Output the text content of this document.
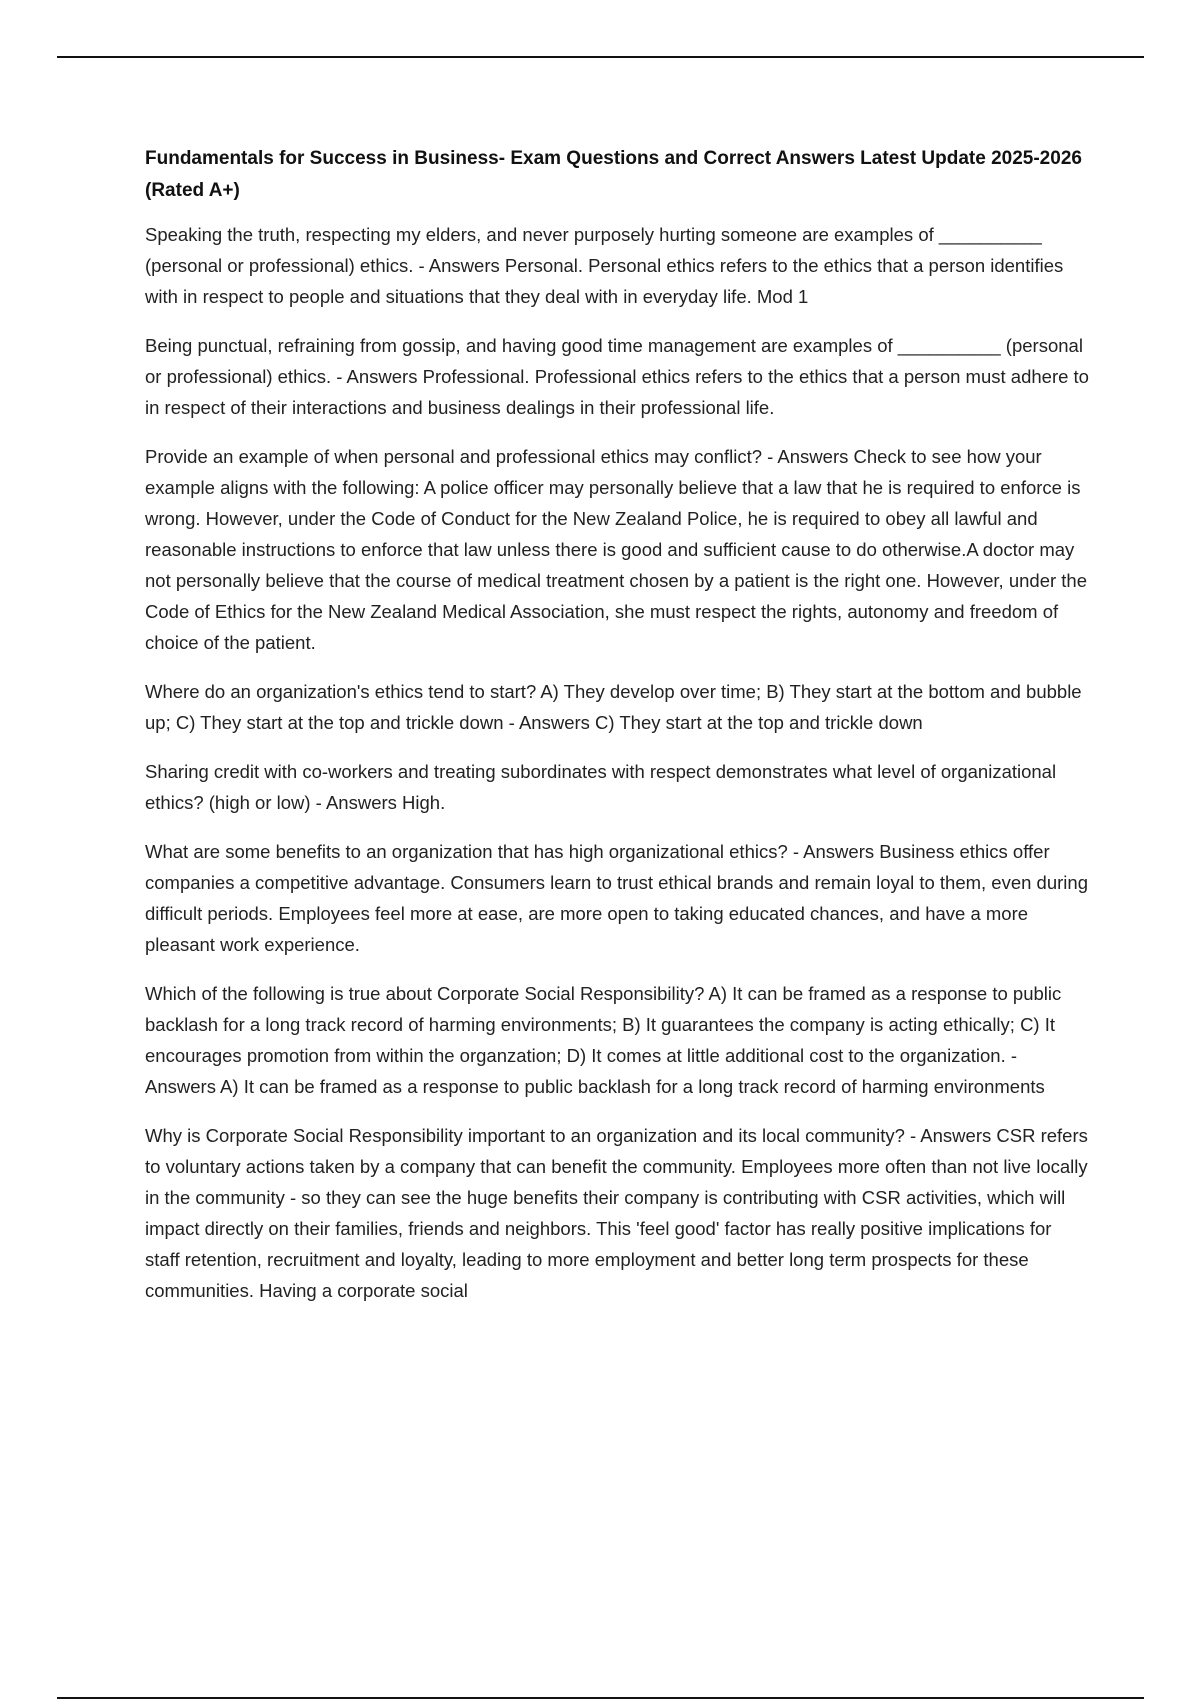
Fundamentals for Success in Business- Exam Questions and Correct Answers Latest Update 2025-2026 (Rated A+)

Speaking the truth, respecting my elders, and never purposely hurting someone are examples of __________ (personal or professional) ethics. - Answers Personal. Personal ethics refers to the ethics that a person identifies with in respect to people and situations that they deal with in everyday life. Mod 1

Being punctual, refraining from gossip, and having good time management are examples of __________ (personal or professional) ethics. - Answers Professional. Professional ethics refers to the ethics that a person must adhere to in respect of their interactions and business dealings in their professional life.

Provide an example of when personal and professional ethics may conflict? - Answers Check to see how your example aligns with the following: A police officer may personally believe that a law that he is required to enforce is wrong. However, under the Code of Conduct for the New Zealand Police, he is required to obey all lawful and reasonable instructions to enforce that law unless there is good and sufficient cause to do otherwise.A doctor may not personally believe that the course of medical treatment chosen by a patient is the right one. However, under the Code of Ethics for the New Zealand Medical Association, she must respect the rights, autonomy and freedom of choice of the patient.

Where do an organization's ethics tend to start? A) They develop over time; B) They start at the bottom and bubble up; C) They start at the top and trickle down - Answers C) They start at the top and trickle down

Sharing credit with co-workers and treating subordinates with respect demonstrates what level of organizational ethics? (high or low) - Answers High.

What are some benefits to an organization that has high organizational ethics? - Answers Business ethics offer companies a competitive advantage. Consumers learn to trust ethical brands and remain loyal to them, even during difficult periods. Employees feel more at ease, are more open to taking educated chances, and have a more pleasant work experience.

Which of the following is true about Corporate Social Responsibility? A) It can be framed as a response to public backlash for a long track record of harming environments; B) It guarantees the company is acting ethically; C) It encourages promotion from within the organzation; D) It comes at little additional cost to the organization. - Answers A) It can be framed as a response to public backlash for a long track record of harming environments

Why is Corporate Social Responsibility important to an organization and its local community? - Answers CSR refers to voluntary actions taken by a company that can benefit the community. Employees more often than not live locally in the community - so they can see the huge benefits their company is contributing with CSR activities, which will impact directly on their families, friends and neighbors. This 'feel good' factor has really positive implications for staff retention, recruitment and loyalty, leading to more employment and better long term prospects for these communities. Having a corporate social
